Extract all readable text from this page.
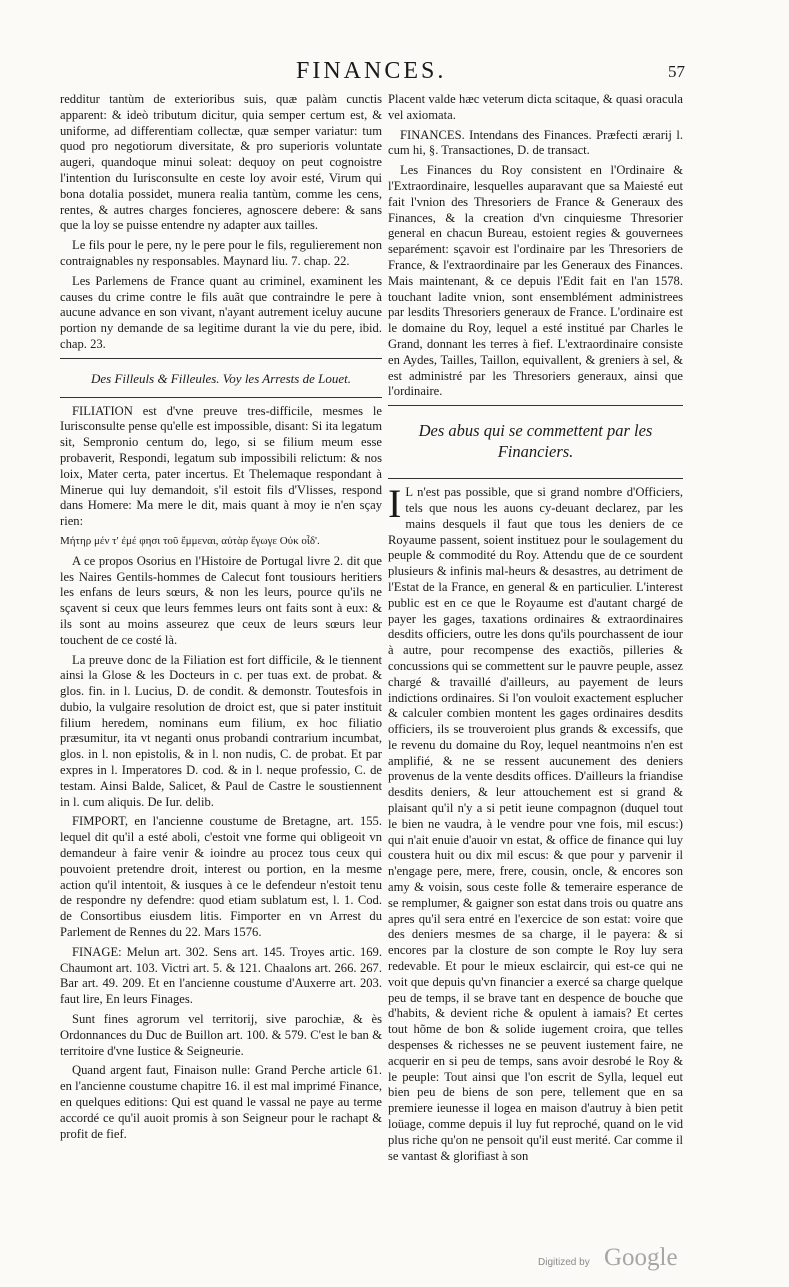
FINANCES.	57

redditur tantùm de exterioribus suis, quæ palàm cunctis apparent: & ideò tributum dicitur, quia semper certum est, & uniforme, ad differentiam collectæ, quæ semper variatur: tum quod pro negotiorum diversitate, & pro superioris voluntate augeri, quandoque minui soleat: dequoy on peut cognoistre l'intention du Iurisconsulte en ceste loy avoir esté, Virum qui bona dotalia possidet, munera realia tantùm, comme les cens, rentes, & autres charges foncieres, agnoscere debere: & sans que la loy se puisse entendre ny adapter aux tailles.

Le fils pour le pere, ny le pere pour le fils, regulierement non contraignables ny responsables. Maynard liu. 7. chap. 22.

Les Parlemens de France quant au criminel, examinent les causes du crime contre le fils auãt que contraindre le pere à aucune advance en son vivant, n'ayant autrement iceluy aucune portion ny demande de sa legitime durant la vie du pere, ibid. chap. 23.

Des Filleuls & Filleules. Voy les Arrests de Louet.

FILIATION est d'vne preuve tres-difficile, mesmes le Iurisconsulte pense qu'elle est impossible, disant: Si ita legatum sit, Sempronio centum do, lego, si se filium meum esse probaverit, Respondi, legatum sub impossibili relictum: & nos loix, Mater certa, pater incertus. Et Thelemaque respondant à Minerue qui luy demandoit, s'il estoit fils d'Vlisses, respond dans Homere: Ma mere le dit, mais quant à moy ie n'en sçay rien:

Μήτηρ μέν τ' ἐμέ φησι τοῦ ἔμμεναι, αὐτὰρ ἔγωγε Οὐκ οἶδ'.

A ce propos Osorius en l'Histoire de Portugal livre 2. dit que les Naires Gentils-hommes de Calecut font tousiours heritiers les enfans de leurs sœurs, & non les leurs, pource qu'ils ne sçavent si ceux que leurs femmes leurs ont faits sont à eux: & ils sont au moins asseurez que ceux de leurs sœurs leur touchent de ce costé là.

La preuve donc de la Filiation est fort difficile, & le tiennent ainsi la Glose & les Docteurs in c. per tuas ext. de probat. & glos. fin. in l. Lucius, D. de condit. & demonstr. Toutesfois in dubio, la vulgaire resolution de droict est, que si pater instituit filium heredem, nominans eum filium, ex hoc filiatio præsumitur, ita vt neganti onus probandi contrarium incumbat, glos. in l. non epistolis, & in l. non nudis, C. de probat. Et par expres in l. Imperatores D. cod. & in l. neque professio, C. de testam. Ainsi Balde, Salicet, & Paul de Castre le soustiennent in l. cum aliquis. De Iur. delib.

FIMPORT, en l'ancienne coustume de Bretagne, art. 155. lequel dit qu'il a esté aboli, c'estoit vne forme qui obligeoit vn demandeur à faire venir & ioindre au procez tous ceux qui pouvoient pretendre droit, interest ou portion, en la mesme action qu'il intentoit, & iusques à ce le defendeur n'estoit tenu de respondre ny defendre: quod etiam sublatum est, l. 1. Cod. de Consortibus eiusdem litis. Fimporter en vn Arrest du Parlement de Rennes du 22. Mars 1576.

FINAGE: Melun art. 302. Sens art. 145. Troyes artic. 169. Chaumont art. 103. Victri art. 5. & 121. Chaalons art. 266. 267. Bar art. 49. 209. Et en l'ancienne coustume d'Auxerre art. 203. faut lire, En leurs Finages.

Sunt fines agrorum vel territorij, sive parochiæ, & ès Ordonnances du Duc de Buillon art. 100. & 579. C'est le ban & territoire d'vne Iustice & Seigneurie.

Quand argent faut, Finaison nulle: Grand Perche article 61. en l'ancienne coustume chapitre 16. il est mal imprimé Finance, en quelques editions: Qui est quand le vassal ne paye au terme accordé ce qu'il auoit promis à son Seigneur pour le rachapt & profit de fief.

Placent valde hæc veterum dicta scitaque, & quasi oracula vel axiomata.

FINANCES. Intendans des Finances. Præfecti ærarij l. cum hi, §. Transactiones, D. de transact.

Les Finances du Roy consistent en l'Ordinaire & l'Extraordinaire, lesquelles auparavant que sa Maiesté eut fait l'vnion des Thresoriers de France & Generaux des Finances, & la creation d'vn cinquiesme Thresorier general en chacun Bureau, estoient regies & gouvernees separément: sçavoir est l'ordinaire par les Thresoriers de France, & l'extraordinaire par les Generaux des Finances. Mais maintenant, & ce depuis l'Edit fait en l'an 1578. touchant ladite vnion, sont ensemblément administrees par lesdits Thresoriers generaux de France. L'ordinaire est le domaine du Roy, lequel a esté institué par Charles le Grand, donnant les terres à fief. L'extraordinaire consiste en Aydes, Tailles, Taillon, equivallent, & greniers à sel, & est administré par les Thresoriers generaux, ainsi que l'ordinaire.

Des abus qui se commettent par les Financiers.

I L n'est pas possible, que si grand nombre d'Officiers, tels que nous les auons cy-deuant declarez, par les mains desquels il faut que tous les deniers de ce Royaume passent, soient instituez pour le soulagement du peuple & commodité du Roy. Attendu que de ce sourdent plusieurs & infinis mal-heurs & desastres, au detriment de l'Estat de la France, en general & en particulier. L'interest public est en ce que le Royaume est d'autant chargé de payer les gages, taxations ordinaires & extraordinaires desdits officiers, outre les dons qu'ils pourchassent de iour à autre, pour recompense des exactiõs, pilleries & concussions qui se commettent sur le pauvre peuple, assez chargé & travaillé d'ailleurs, au payement de leurs indictions ordinaires. Si l'on vouloit exactement esplucher & calculer combien montent les gages ordinaires desdits officiers, ils se trouveroient plus grands & excessifs, que le revenu du domaine du Roy, lequel neantmoins n'en est amplifié, & ne se ressent aucunement des deniers provenus de la vente desdits offices. D'ailleurs la friandise desdits deniers, & leur attouchement est si grand & plaisant qu'il n'y a si petit ieune compagnon (duquel tout le bien ne vaudra, à le vendre pour vne fois, mil escus:) qui n'ait enuie d'auoir vn estat, & office de finance qui luy coustera huit ou dix mil escus: & que pour y parvenir il n'engage pere, mere, frere, cousin, oncle, & encores son amy & voisin, sous ceste folle & temeraire esperance de se remplumer, & gaigner son estat dans trois ou quatre ans apres qu'il sera entré en l'exercice de son estat: voire que des deniers mesmes de sa charge, il le payera: & si encores par la closture de son compte le Roy luy sera redevable. Et pour le mieux esclaircir, qui est-ce qui ne voit que depuis qu'vn financier a exercé sa charge quelque peu de temps, il se brave tant en despence de bouche que d'habits, & devient riche & opulent à iamais? Et certes tout hõme de bon & solide iugement croira, que telles despenses & richesses ne se peuvent iustement faire, ne acquerir en si peu de temps, sans avoir desrobé le Roy & le peuple: Tout ainsi que l'on escrit de Sylla, lequel eut bien peu de biens de son pere, tellement que en sa premiere ieunesse il logea en maison d'autruy à bien petit loüage, comme depuis il luy fut reproché, quand on le vid plus riche qu'on ne pensoit qu'il eust merité. Car comme il se vantast & glorifiast à son

Digitized by Google
